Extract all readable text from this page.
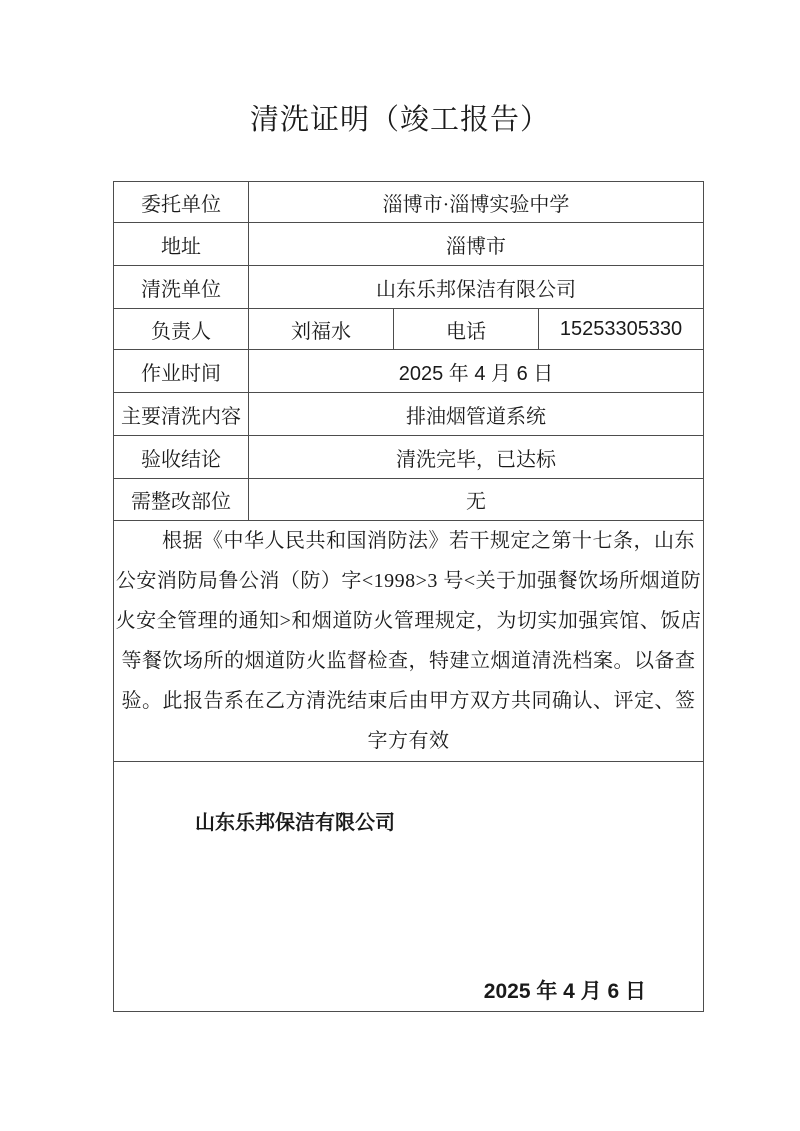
清洗证明（竣工报告）
委托单位	淄博市·淄博实验中学		
地址	淄博市		
清洗单位	山东乐邦保洁有限公司		
负责人	刘福水	电话	15253305330
作业时间	2025 年 4 月 6 日		
主要清洗内容	排油烟管道系统		
验收结论	清洗完毕，已达标		
需整改部位	无		

根据《中华人民共和国消防法》若干规定之第十七条，山东公安消防局鲁公消（防）字<1998>3 号<关于加强餐饮场所烟道防火安全管理的通知>和烟道防火管理规定，为切实加强宾馆、饭店等餐饮场所的烟道防火监督检查，特建立烟道清洗档案。以备查验。此报告系在乙方清洗结束后由甲方双方共同确认、评定、签字方有效			

山东乐邦保洁有限公司
2025 年 4 月 6 日			
